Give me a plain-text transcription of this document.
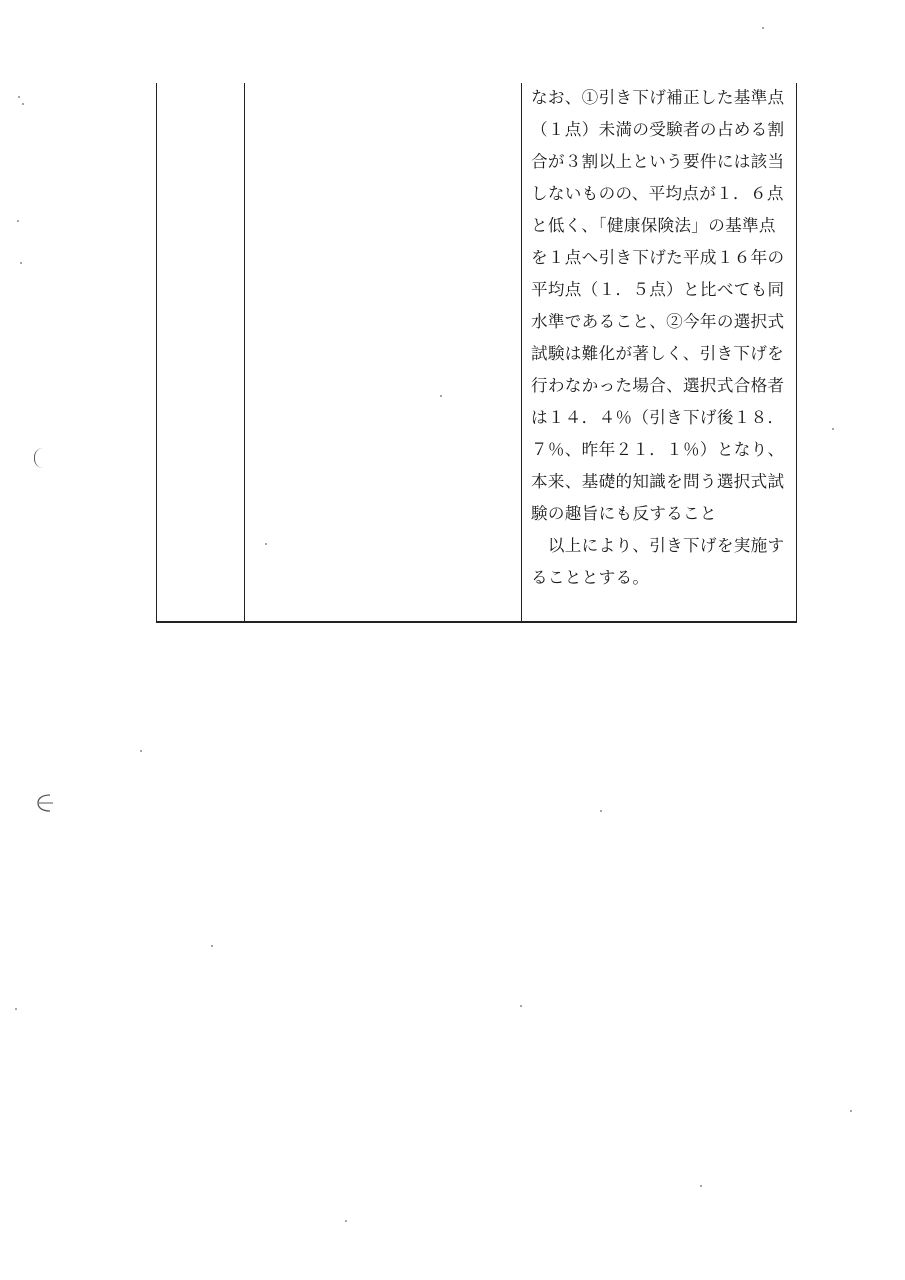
なお、①引き下げ補正した基準点
（１点）未満の受験者の占める割
合が３割以上という要件には該当
しないものの、平均点が１．６点
と低く、「健康保険法」の基準点
を１点へ引き下げた平成１６年の
平均点（１．５点）と比べても同
水準であること、②今年の選択式
試験は難化が著しく、引き下げを
行わなかった場合、選択式合格者
は１４．４％（引き下げ後１８．
７％、昨年２１．１％）となり、
本来、基礎的知識を問う選択式試
験の趣旨にも反すること
　以上により、引き下げを実施す
ることとする。
